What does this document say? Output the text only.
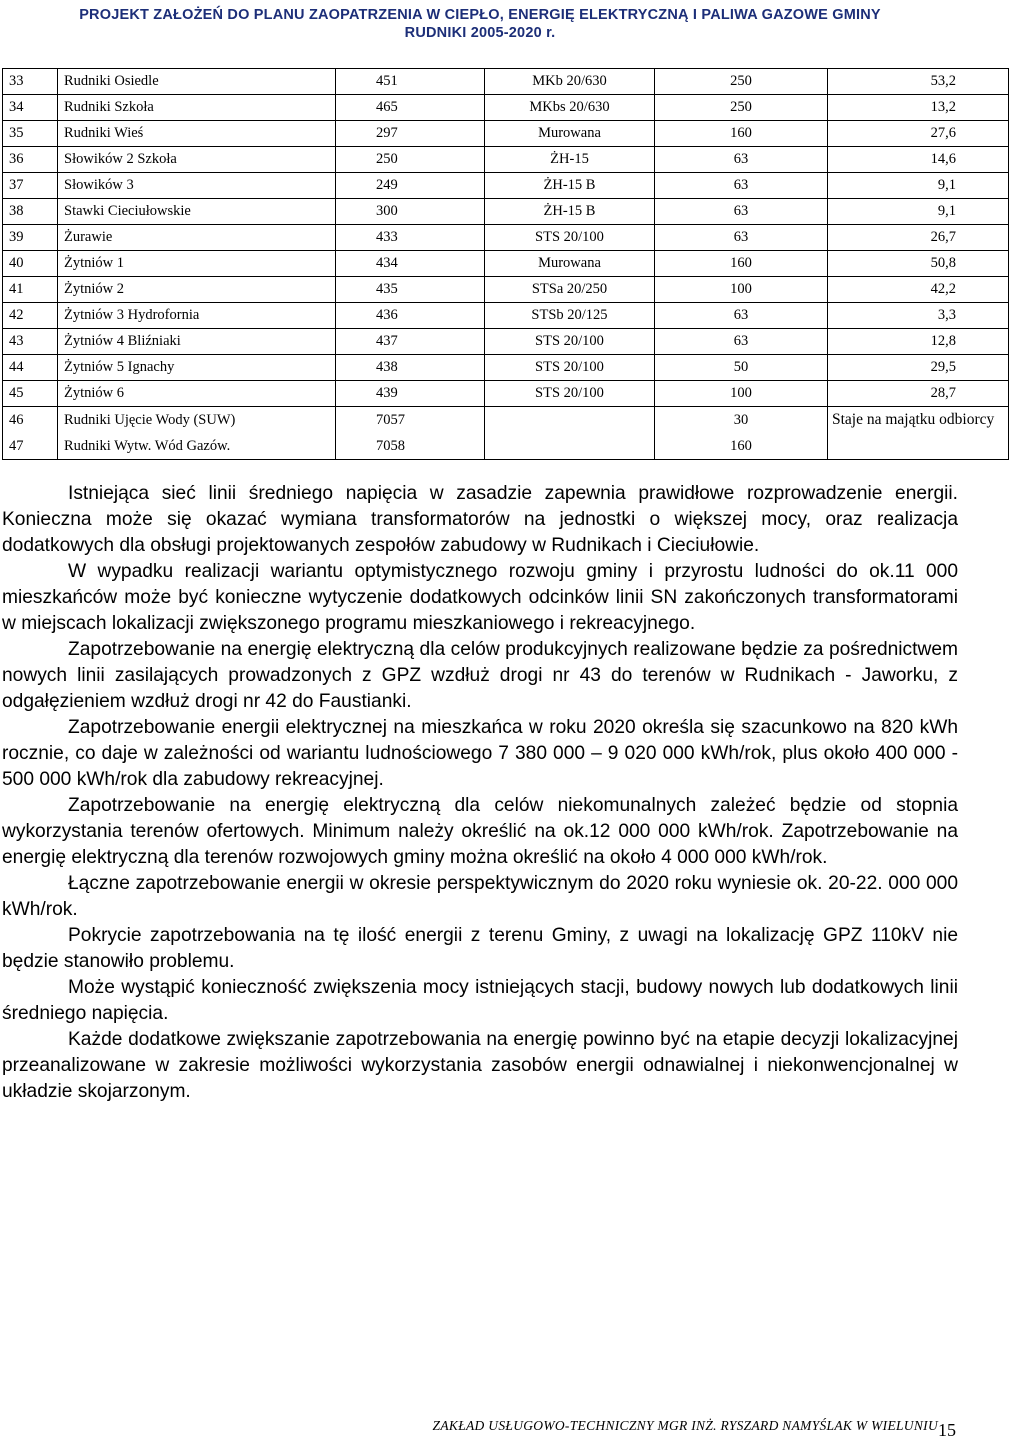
PROJEKT ZAŁOŻEŃ DO PLANU ZAOPATRZENIA W CIEPŁO, ENERGIĘ ELEKTRYCZNĄ I PALIWA GAZOWE GMINY
RUDNIKI 2005-2020 r.
33	Rudniki Osiedle	451	MKb 20/630	250	53,2
34	Rudniki Szkoła	465	MKbs 20/630	250	13,2
35	Rudniki Wieś	297	Murowana	160	27,6
36	Słowików 2 Szkoła	250	ŻH-15	63	14,6
37	Słowików 3	249	ŻH-15 B	63	9,1
38	Stawki Cieciułowskie	300	ŻH-15 B	63	9,1
39	Żurawie	433	STS 20/100	63	26,7
40	Żytniów 1	434	Murowana	160	50,8
41	Żytniów 2	435	STSa 20/250	100	42,2
42	Żytniów 3 Hydrofornia	436	STSb 20/125	63	3,3
43	Żytniów 4 Bliźniaki	437	STS 20/100	63	12,8
44	Żytniów 5 Ignachy	438	STS 20/100	50	29,5
45	Żytniów 6	439	STS 20/100	100	28,7
46	Rudniki Ujęcie Wody (SUW)	7057		30	Staje na majątku odbiorcy
47	Rudniki Wytw. Wód Gazów.	7058		160	

Istniejąca sieć linii średniego napięcia w zasadzie zapewnia prawidłowe rozprowadzenie energii. Konieczna może się okazać wymiana transformatorów na jednostki o większej mocy, oraz realizacja dodatkowych dla obsługi projektowanych zespołów zabudowy w Rudnikach i Cieciułowie.

W wypadku realizacji wariantu optymistycznego rozwoju gminy i przyrostu ludności do ok.11 000 mieszkańców może być konieczne wytyczenie dodatkowych odcinków linii SN zakończonych transformatorami w miejscach lokalizacji zwiększonego programu mieszkaniowego i rekreacyjnego.

Zapotrzebowanie na energię elektryczną dla celów produkcyjnych realizowane będzie za pośrednictwem nowych linii zasilających prowadzonych z GPZ wzdłuż drogi nr 43 do terenów w Rudnikach - Jaworku, z odgałęzieniem wzdłuż drogi nr 42 do Faustianki.

Zapotrzebowanie energii elektrycznej na mieszkańca w roku 2020 określa się szacunkowo na 820 kWh rocznie, co daje w zależności od wariantu ludnościowego 7 380 000 – 9 020 000 kWh/rok, plus około 400 000 - 500 000 kWh/rok dla zabudowy rekreacyjnej.

Zapotrzebowanie na energię elektryczną dla celów niekomunalnych zależeć będzie od stopnia wykorzystania terenów ofertowych. Minimum należy określić na ok.12 000 000 kWh/rok. Zapotrzebowanie na energię elektryczną dla terenów rozwojowych gminy można określić na około 4 000 000 kWh/rok.

Łączne zapotrzebowanie energii w okresie perspektywicznym do 2020 roku wyniesie ok. 20-22. 000 000 kWh/rok.

Pokrycie zapotrzebowania na tę ilość energii z terenu Gminy, z uwagi na lokalizację GPZ 110kV nie będzie stanowiło problemu.

Może wystąpić konieczność zwiększenia mocy istniejących stacji, budowy nowych lub dodatkowych linii średniego napięcia.

Każde dodatkowe zwiększanie zapotrzebowania na energię powinno być na etapie decyzji lokalizacyjnej przeanalizowane w zakresie możliwości wykorzystania zasobów energii odnawialnej i niekonwencjonalnej w układzie skojarzonym.

ZAKŁAD USŁUGOWO-TECHNICZNY MGR INŻ. RYSZARD NAMYŚLAK W WIELUNIU 15
